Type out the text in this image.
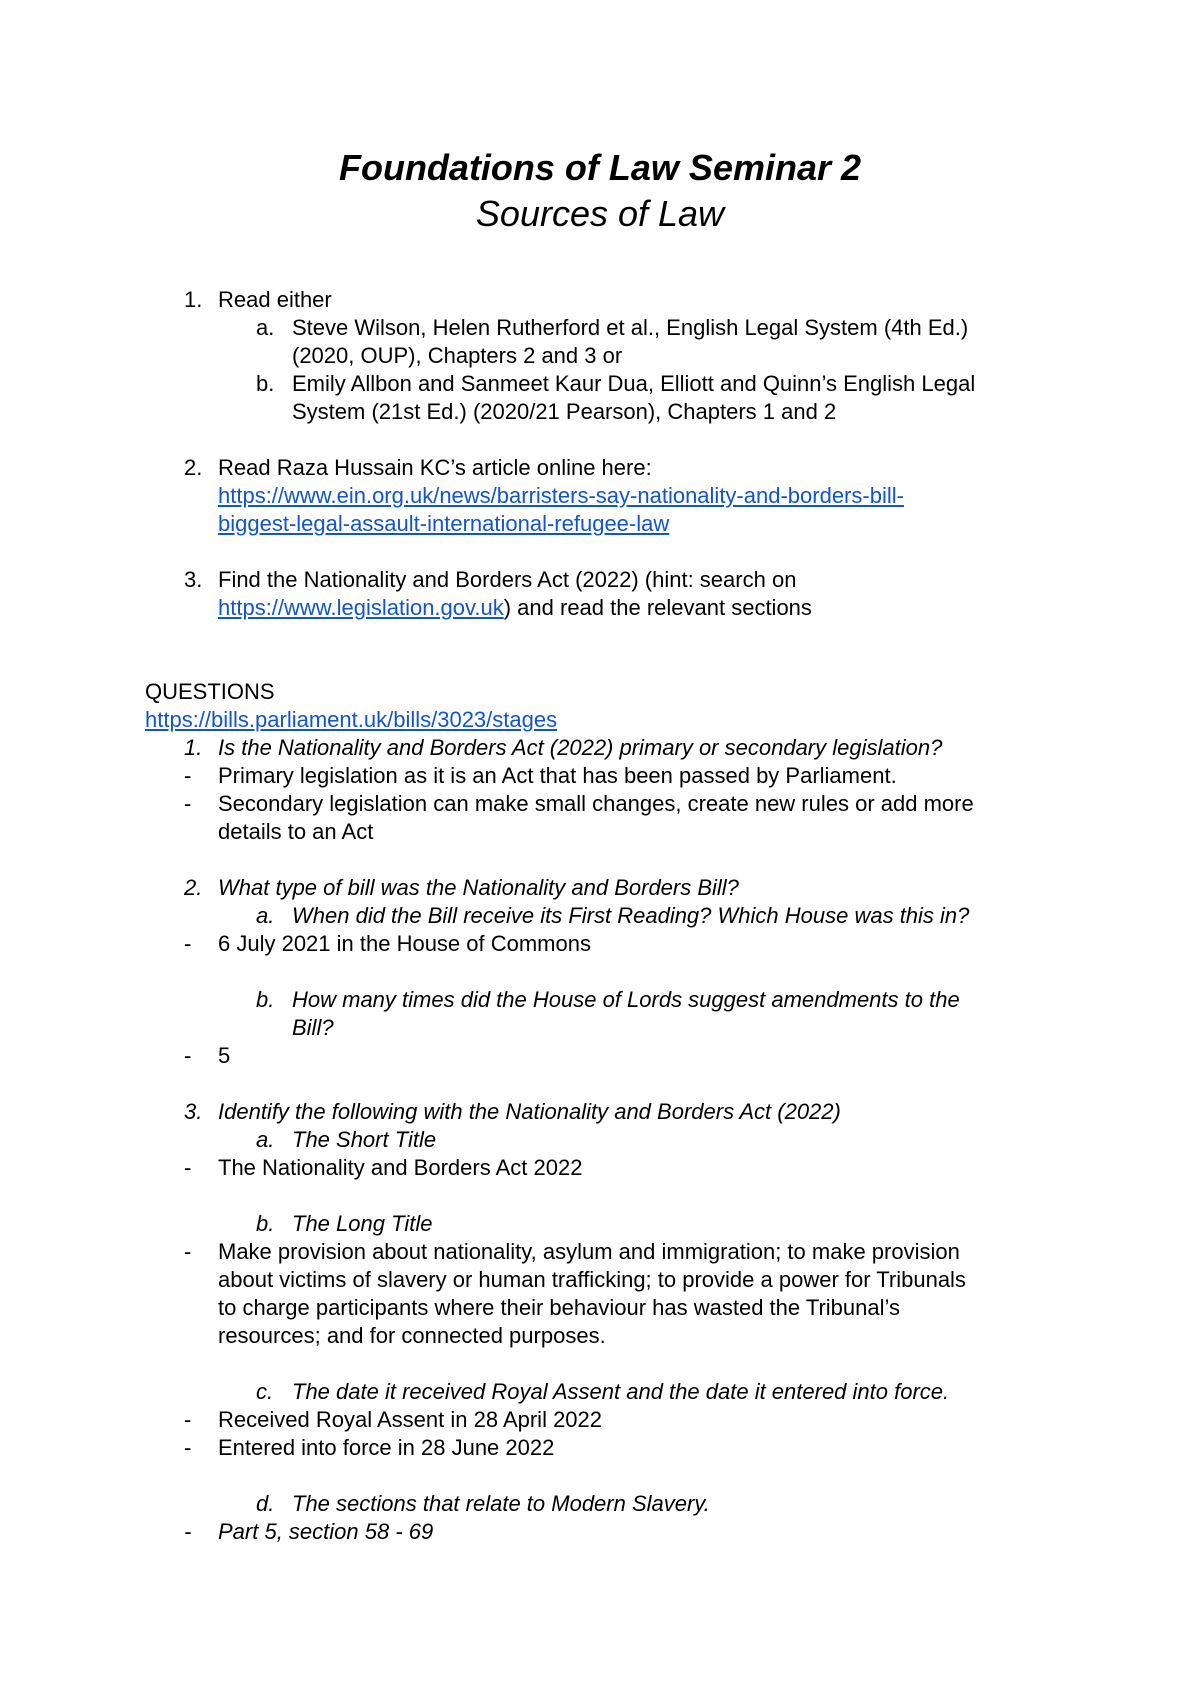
Foundations of Law Seminar 2
Sources of Law
1. Read either
a. Steve Wilson, Helen Rutherford et al., English Legal System (4th Ed.)
(2020, OUP), Chapters 2 and 3 or
b. Emily Allbon and Sanmeet Kaur Dua, Elliott and Quinn’s English Legal
System (21st Ed.) (2020/21 Pearson), Chapters 1 and 2
2. Read Raza Hussain KC’s article online here:
https://www.ein.org.uk/news/barristers-say-nationality-and-borders-bill-
biggest-legal-assault-international-refugee-law
3. Find the Nationality and Borders Act (2022) (hint: search on
https://www.legislation.gov.uk) and read the relevant sections
QUESTIONS
https://bills.parliament.uk/bills/3023/stages
1. Is the Nationality and Borders Act (2022) primary or secondary legislation?
- Primary legislation as it is an Act that has been passed by Parliament.
- Secondary legislation can make small changes, create new rules or add more
details to an Act
2. What type of bill was the Nationality and Borders Bill?
a. When did the Bill receive its First Reading? Which House was this in?
- 6 July 2021 in the House of Commons
b. How many times did the House of Lords suggest amendments to the
Bill?
- 5
3. Identify the following with the Nationality and Borders Act (2022)
a. The Short Title
- The Nationality and Borders Act 2022
b. The Long Title
- Make provision about nationality, asylum and immigration; to make provision
about victims of slavery or human trafficking; to provide a power for Tribunals
to charge participants where their behaviour has wasted the Tribunal’s
resources; and for connected purposes.
c. The date it received Royal Assent and the date it entered into force.
- Received Royal Assent in 28 April 2022
- Entered into force in 28 June 2022
d. The sections that relate to Modern Slavery.
- Part 5, section 58 - 69
